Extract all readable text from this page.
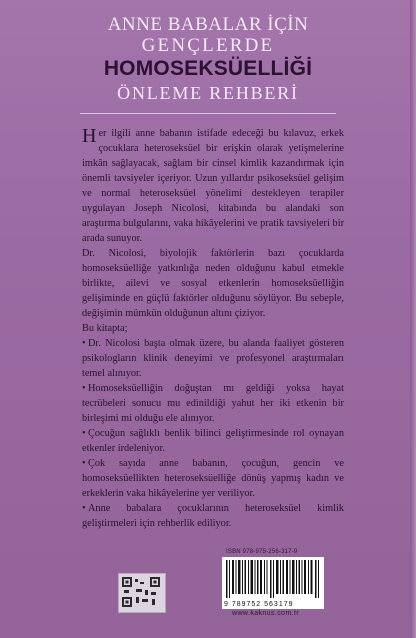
ANNE BABALAR İÇİN

GENÇLERDE

HOMOSEKSÜELLİĞİ

ÖNLEME REHBERİ

Her ilgili anne babanın istifade edeceği bu kılavuz, erkek çocuklara heteroseksüel bir erişkin olarak yetişmelerine imkân sağlayacak, sağlam bir cinsel kimlik kazandırmak için önemli tavsiyeler içeriyor. Uzun yıllardır psikoseksüel gelişim ve normal heteroseksüel yönelimi destekleyen terapiler uygulayan Joseph Nicolosi, kitabında bu alandaki son araştırma bulgularını, vaka hikâyelerini ve pratik tavsiyeleri bir arada sunuyor.

Dr. Nicolosi, biyolojik faktörlerin bazı çocuklarda homoseksüelliğe yatkınlığa neden olduğunu kabul etmekle birlikte, ailevi ve sosyal etkenlerin homoseksüelliğin gelişiminde en güçlü faktörler olduğunu söylüyor. Bu sebeple, değişimin mümkün olduğunun altını çiziyor.

Bu kitapta;

• Dr. Nicolosi başta olmak üzere, bu alanda faaliyet gösteren psikologların klinik deneyimi ve profesyonel araştırmaları temel alınıyor.

• Homoseksüelliğin doğuştan mı geldiği yoksa hayat tecrübeleri sonucu mu edinildiği yahut her iki etkenin bir birleşimi mi olduğu ele alınıyor.

• Çocuğun sağlıklı benlik bilinci geliştirmesinde rol oynayan etkenler irdeleniyor.

• Çok sayıda anne babanın, çocuğun, gencin ve homoseksüellikten heteroseksüelliğe dönüş yapmış kadın ve erkeklerin vaka hikâyelerine yer veriliyor.

• Anne babalara çocuklarının heteroseksüel kimlik geliştirmeleri için rehberlik ediliyor.

ISBN 978-975-256-317-9
9 789752 563179
www.kaknus.com.tr
